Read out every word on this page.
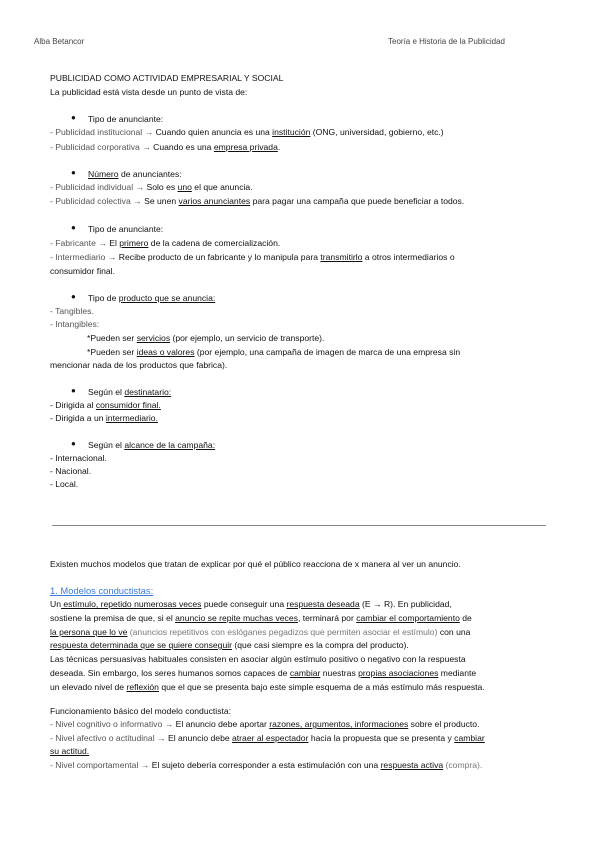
Alba Betancor	Teoría e Historia de la Publicidad
PUBLICIDAD COMO ACTIVIDAD EMPRESARIAL Y SOCIAL
La publicidad está vista desde un punto de vista de:
● Tipo de anunciante:
- Publicidad institucional → Cuando quien anuncia es una institución (ONG, universidad, gobierno, etc.)
- Publicidad corporativa → Cuando es una empresa privada.
● Número de anunciantes:
- Publicidad individual → Solo es uno el que anuncia.
- Publicidad colectiva → Se unen varios anunciantes para pagar una campaña que puede beneficiar a todos.
● Tipo de anunciante:
- Fabricante → El primero de la cadena de comercialización.
- Intermediario → Recibe producto de un fabricante y lo manipula para transmitirlo a otros intermediarios o
consumidor final.
● Tipo de producto que se anuncia:
- Tangibles.
- Intangibles:
*Pueden ser servicios (por ejemplo, un servicio de transporte).
*Pueden ser ideas o valores (por ejemplo, una campaña de imagen de marca de una empresa sin
mencionar nada de los productos que fabrica).
● Según el destinatario:
- Dirigida al consumidor final.
- Dirigida a un intermediario.
● Según el alcance de la campaña:
- Internacional.
- Nacional.
- Local.
Existen muchos modelos que tratan de explicar por qué el público reacciona de x manera al ver un anuncio.
1. Modelos conductistas:
Un estímulo, repetido numerosas veces puede conseguir una respuesta deseada (E → R). En publicidad,
sostiene la premisa de que, si el anuncio se repite muchas veces, terminará por cambiar el comportamiento de
la persona que lo ve (anuncios repetitivos con eslóganes pegadizos que permiten asociar el estímulo) con una
respuesta determinada que se quiere conseguir (que casi siempre es la compra del producto).
Las técnicas persuasivas habituales consisten en asociar algún estímulo positivo o negativo con la respuesta
deseada. Sin embargo, los seres humanos somos capaces de cambiar nuestras propias asociaciones mediante
un elevado nivel de reflexión que el que se presenta bajo este simple esquema de a más estímulo más respuesta.
Funcionamiento básico del modelo conductista:
- Nivel cognitivo o informativo → El anuncio debe aportar razones, argumentos, informaciones sobre el producto.
- Nivel afectivo o actitudinal → El anuncio debe atraer al espectador hacia la propuesta que se presenta y cambiar
su actitud.
- Nivel comportamental → El sujeto debería corresponder a esta estimulación con una respuesta activa (compra).
